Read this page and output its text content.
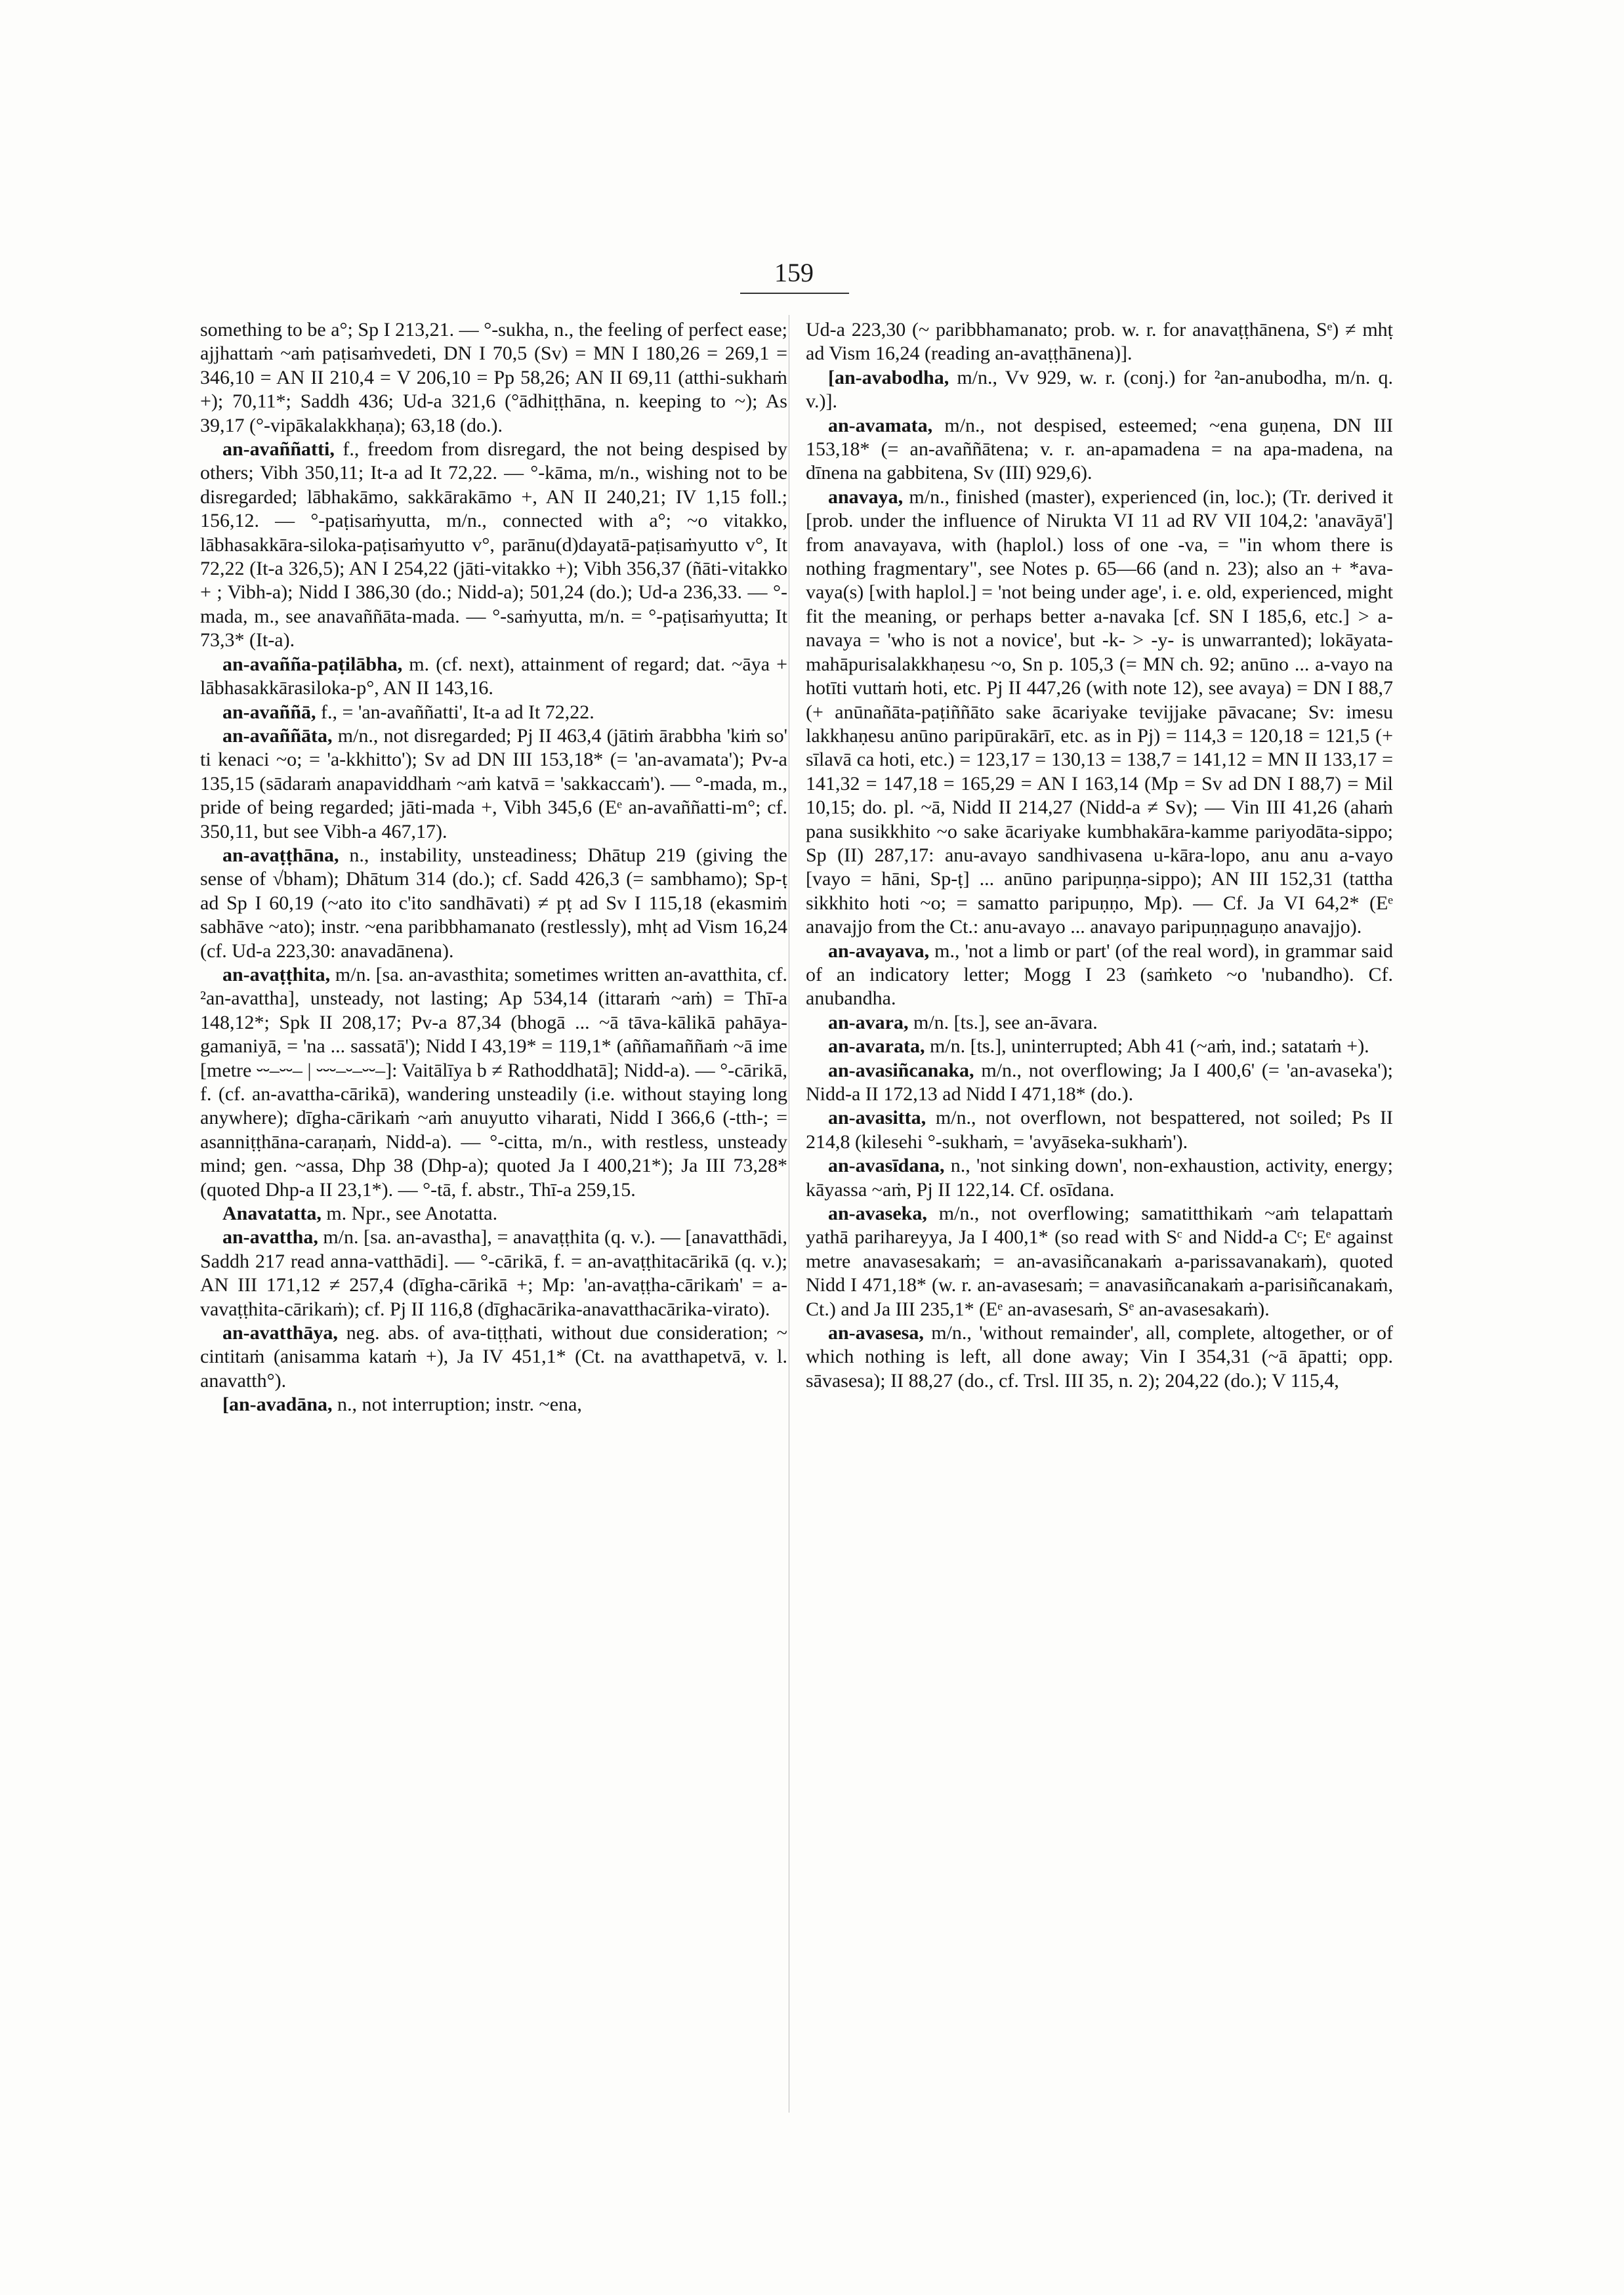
159

something to be a°; Sp I 213,21. — °-sukha, n., the feeling of perfect ease; ajjhattaṁ ~aṁ paṭisaṁvedeti, DN I 70,5 (Sv) = MN I 180,26 = 269,1 = 346,10 = AN II 210,4 = V 206,10 = Pp 58,26; AN II 69,11 (atthi-sukhaṁ +); 70,11*; Saddh 436; Ud-a 321,6 (°ādhiṭṭhāna, n. keeping to ~); As 39,17 (°-vipākalakkhaṇa); 63,18 (do.).

an-avaññatti, f., freedom from disregard, the not being despised by others; Vibh 350,11; It-a ad It 72,22. — °-kāma, m/n., wishing not to be disregarded; lābhakāmo, sakkārakāmo +, AN II 240,21; IV 1,15 foll.; 156,12. — °-paṭisaṁyutta, m/n., connected with a°; ~o vitakko, lābhasakkāra-siloka-paṭisaṁyutto v°, parānu(d)dayatā-paṭisaṁyutto v°, It 72,22 (It-a 326,5); AN I 254,22 (jāti-vitakko +); Vibh 356,37 (ñāti-vitakko + ; Vibh-a); Nidd I 386,30 (do.; Nidd-a); 501,24 (do.); Ud-a 236,33. — °-mada, m., see anavaññāta-mada. — °-saṁyutta, m/n. = °-paṭisaṁyutta; It 73,3* (It-a).

an-avañña-paṭilābha, m. (cf. next), attainment of regard; dat. ~āya + lābhasakkārasiloka-p°, AN II 143,16.

an-avaññā, f., = 'an-avaññatti', It-a ad It 72,22.

an-avaññāta, m/n., not disregarded; Pj II 463,4 (jātiṁ ārabbha 'kiṁ so' ti kenaci ~o; = 'a-kkhitto'); Sv ad DN III 153,18* (= 'an-avamata'); Pv-a 135,15 (sādaraṁ anapaviddhaṁ ~aṁ katvā = 'sakkaccaṁ'). — °-mada, m., pride of being regarded; jāti-mada +, Vibh 345,6 (Eᵉ an-avaññatti-m°; cf. 350,11, but see Vibh-a 467,17).

an-avaṭṭhāna, n., instability, unsteadiness; Dhātup 219 (giving the sense of √bham); Dhātum 314 (do.); cf. Sadd 426,3 (= sambhamo); Sp-ṭ ad Sp I 60,19 (~ato ito c'ito sandhāvati) ≠ pṭ ad Sv I 115,18 (ekasmiṁ sabhāve ~ato); instr. ~ena paribbhamanato (restlessly), mhṭ ad Vism 16,24 (cf. Ud-a 223,30: anavadānena).

an-avaṭṭhita, m/n. [sa. an-avasthita; sometimes written an-avatthita, cf. ²an-avattha], unsteady, not lasting; Ap 534,14 (ittaraṁ ~aṁ) = Thī-a 148,12*; Spk II 208,17; Pv-a 87,34 (bhogā ... ~ā tāva-kālikā pahāya-gamaniyā, = 'na ... sassatā'); Nidd I 43,19* = 119,1* (aññamaññaṁ ~ā ime [metre ⏑⏑–⏑⏑– | ⏑⏑⏑–⏑–⏑⏑–]: Vaitālīya b ≠ Rathoddhatā]; Nidd-a). — °-cārikā, f. (cf. an-avattha-cārikā), wandering unsteadily (i.e. without staying long anywhere); dīgha-cārikaṁ ~aṁ anuyutto viharati, Nidd I 366,6 (-tth-; = asanniṭṭhāna-caraṇaṁ, Nidd-a). — °-citta, m/n., with restless, unsteady mind; gen. ~assa, Dhp 38 (Dhp-a); quoted Ja I 400,21*); Ja III 73,28* (quoted Dhp-a II 23,1*). — °-tā, f. abstr., Thī-a 259,15.

Anavatatta, m. Npr., see Anotatta.

an-avattha, m/n. [sa. an-avastha], = anavaṭṭhita (q. v.). — [anavatthādi, Saddh 217 read anna-vatthādi]. — °-cārikā, f. = an-avaṭṭhitacārikā (q. v.); AN III 171,12 ≠ 257,4 (dīgha-cārikā +; Mp: 'an-avaṭṭha-cārikaṁ' = a-vavaṭṭhita-cārikaṁ); cf. Pj II 116,8 (dīghacārika-anavatthacārika-virato).

an-avatthāya, neg. abs. of ava-tiṭṭhati, without due consideration; ~ cintitaṁ (anisamma kataṁ +), Ja IV 451,1* (Ct. na avatthapetvā, v. l. anavatth°).

[an-avadāna, n., not interruption; instr. ~ena,

Ud-a 223,30 (~ paribbhamanato; prob. w. r. for anavaṭṭhānena, Sᵉ) ≠ mhṭ ad Vism 16,24 (reading an-avaṭṭhānena)].

[an-avabodha, m/n., Vv 929, w. r. (conj.) for ²an-anubodha, m/n. q. v.)].

an-avamata, m/n., not despised, esteemed; ~ena guṇena, DN III 153,18* (= an-avaññātena; v. r. an-apamadena = na apa-madena, na dīnena na gabbitena, Sv (III) 929,6).

anavaya, m/n., finished (master), experienced (in, loc.); (Tr. derived it [prob. under the influence of Nirukta VI 11 ad RV VII 104,2: 'anavāyā'] from anavayava, with (haplol.) loss of one -va, = "in whom there is nothing fragmentary", see Notes p. 65—66 (and n. 23); also an + *ava-vaya(s) [with haplol.] = 'not being under age', i. e. old, experienced, might fit the meaning, or perhaps better a-navaka [cf. SN I 185,6, etc.] > a-navaya = 'who is not a novice', but -k- > -y- is unwarranted); lokāyata-mahāpurisalakkhaṇesu ~o, Sn p. 105,3 (= MN ch. 92; anūno ... a-vayo na hotīti vuttaṁ hoti, etc. Pj II 447,26 (with note 12), see avaya) = DN I 88,7 (+ anūnañāta-paṭiññāto sake ācariyake tevijjake pāvacane; Sv: imesu lakkhaṇesu anūno paripūrakārī, etc. as in Pj) = 114,3 = 120,18 = 121,5 (+ sīlavā ca hoti, etc.) = 123,17 = 130,13 = 138,7 = 141,12 = MN II 133,17 = 141,32 = 147,18 = 165,29 = AN I 163,14 (Mp = Sv ad DN I 88,7) = Mil 10,15; do. pl. ~ā, Nidd II 214,27 (Nidd-a ≠ Sv); — Vin III 41,26 (ahaṁ pana susikkhito ~o sake ācariyake kumbhakāra-kamme pariyodāta-sippo; Sp (II) 287,17: anu-avayo sandhivasena u-kāra-lopo, anu anu a-vayo [vayo = hāni, Sp-ṭ] ... anūno paripuṇṇa-sippo); AN III 152,31 (tattha sikkhito hoti ~o; = samatto paripuṇṇo, Mp). — Cf. Ja VI 64,2* (Eᵉ anavajjo from the Ct.: anu-avayo ... anavayo paripuṇṇaguṇo anavajjo).

an-avayava, m., 'not a limb or part' (of the real word), in grammar said of an indicatory letter; Mogg I 23 (saṁketo ~o 'nubandho). Cf. anubandha.

an-avara, m/n. [ts.], see an-āvara.

an-avarata, m/n. [ts.], uninterrupted; Abh 41 (~aṁ, ind.; satataṁ +).

an-avasiñcanaka, m/n., not overflowing; Ja I 400,6' (= 'an-avaseka'); Nidd-a II 172,13 ad Nidd I 471,18* (do.).

an-avasitta, m/n., not overflown, not bespattered, not soiled; Ps II 214,8 (kilesehi °-sukhaṁ, = 'avyāseka-sukhaṁ').

an-avasīdana, n., 'not sinking down', non-exhaustion, activity, energy; kāyassa ~aṁ, Pj II 122,14. Cf. osīdana.

an-avaseka, m/n., not overflowing; samatitthikaṁ ~aṁ telapattaṁ yathā parihareyya, Ja I 400,1* (so read with Sᶜ and Nidd-a Cᶜ; Eᵉ against metre anavasesakaṁ; = an-avasiñcanakaṁ a-parissavanakaṁ), quoted Nidd I 471,18* (w. r. an-avasesaṁ; = anavasiñcanakaṁ a-parisiñcanakaṁ, Ct.) and Ja III 235,1* (Eᵉ an-avasesaṁ, Sᵉ an-avasesakaṁ).

an-avasesa, m/n., 'without remainder', all, complete, altogether, or of which nothing is left, all done away; Vin I 354,31 (~ā āpatti; opp. sāvasesa); II 88,27 (do., cf. Trsl. III 35, n. 2); 204,22 (do.); V 115,4,
